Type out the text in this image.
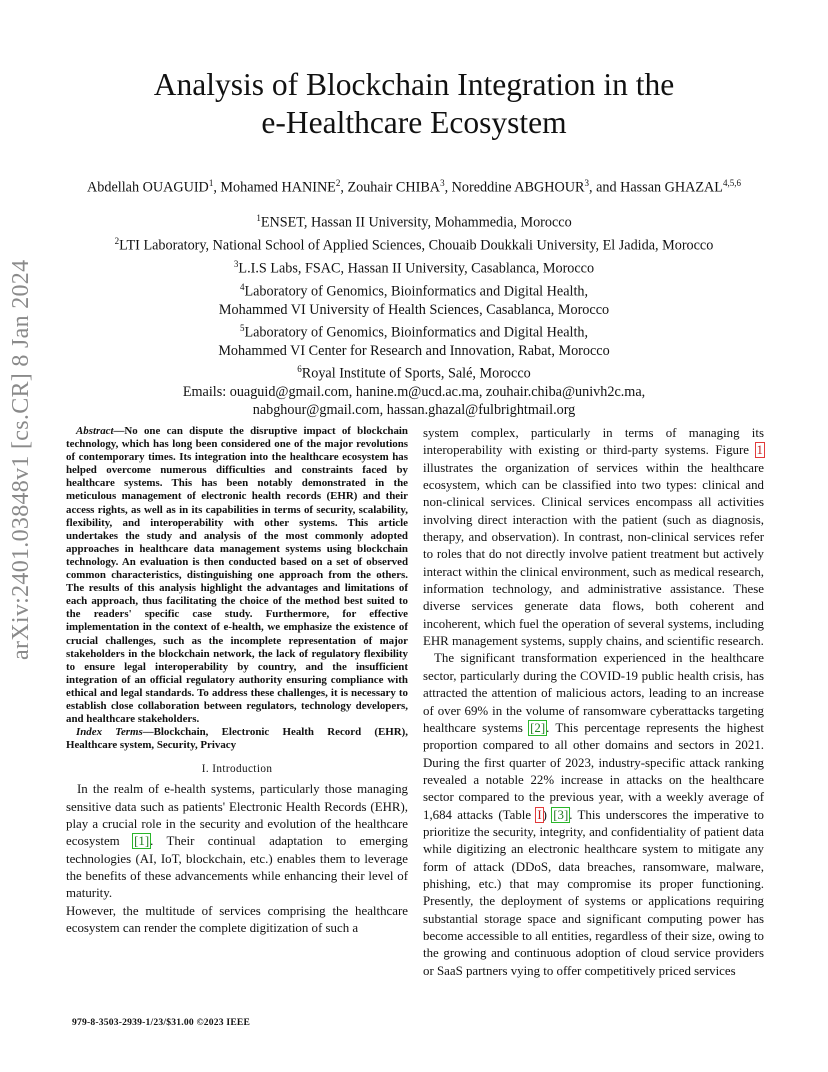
arXiv:2401.03848v1 [cs.CR] 8 Jan 2024
Analysis of Blockchain Integration in the
e-Healthcare Ecosystem
Abdellah OUAGUID$^1$, Mohamed HANINE$^2$, Zouhair CHIBA$^3$, Noreddine ABGHOUR$^3$, and Hassan GHAZAL$^{4,5,6}$
$^1$ENSET, Hassan II University, Mohammedia, Morocco
$^2$LTI Laboratory, National School of Applied Sciences, Chouaib Doukkali University, El Jadida, Morocco
$^3$L.I.S Labs, FSAC, Hassan II University, Casablanca, Morocco
$^4$Laboratory of Genomics, Bioinformatics and Digital Health,
Mohammed VI University of Health Sciences, Casablanca, Morocco
$^5$Laboratory of Genomics, Bioinformatics and Digital Health,
Mohammed VI Center for Research and Innovation, Rabat, Morocco
$^6$Royal Institute of Sports, Salé, Morocco
Emails: ouaguid@gmail.com, hanine.m@ucd.ac.ma, zouhair.chiba@univh2c.ma,
nabghour@gmail.com, hassan.ghazal@fulbrightmail.org
Abstract—No one can dispute the disruptive impact of blockchain technology, which has long been considered one of the major revolutions of contemporary times. Its integration into the healthcare ecosystem has helped overcome numerous difficulties and constraints faced by healthcare systems. This has been notably demonstrated in the meticulous management of electronic health records (EHR) and their access rights, as well as in its capabilities in terms of security, scalability, flexibility, and interoperability with other systems. This article undertakes the study and analysis of the most commonly adopted approaches in healthcare data management systems using blockchain technology. An evaluation is then conducted based on a set of observed common characteristics, distinguishing one approach from the others. The results of this analysis highlight the advantages and limitations of each approach, thus facilitating the choice of the method best suited to the readers' specific case study. Furthermore, for effective implementation in the context of e-health, we emphasize the existence of crucial challenges, such as the incomplete representation of major stakeholders in the blockchain network, the lack of regulatory flexibility to ensure legal interoperability by country, and the insufficient integration of an official regulatory authority ensuring compliance with ethical and legal standards. To address these challenges, it is necessary to establish close collaboration between regulators, technology developers, and healthcare stakeholders.
Index Terms—Blockchain, Electronic Health Record (EHR), Healthcare system, Security, Privacy
I. Introduction

In the realm of e-health systems, particularly those managing sensitive data such as patients' Electronic Health Records (EHR), play a crucial role in the security and evolution of the healthcare ecosystem [1]. Their continual adaptation to emerging technologies (AI, IoT, blockchain, etc.) enables them to leverage the benefits of these advancements while enhancing their level of maturity.

However, the multitude of services comprising the healthcare ecosystem can render the complete digitization of such a

system complex, particularly in terms of managing its interoperability with existing or third-party systems. Figure 1 illustrates the organization of services within the healthcare ecosystem, which can be classified into two types: clinical and non-clinical services. Clinical services encompass all activities involving direct interaction with the patient (such as diagnosis, therapy, and observation). In contrast, non-clinical services refer to roles that do not directly involve patient treatment but actively interact within the clinical environment, such as medical research, information technology, and administrative assistance. These diverse services generate data flows, both coherent and incoherent, which fuel the operation of several systems, including EHR management systems, supply chains, and scientific research.

The significant transformation experienced in the healthcare sector, particularly during the COVID-19 public health crisis, has attracted the attention of malicious actors, leading to an increase of over 69% in the volume of ransomware cyberattacks targeting healthcare systems [2]. This percentage represents the highest proportion compared to all other domains and sectors in 2021. During the first quarter of 2023, industry-specific attack ranking revealed a notable 22% increase in attacks on the healthcare sector compared to the previous year, with a weekly average of 1,684 attacks (Table I) [3]. This underscores the imperative to prioritize the security, integrity, and confidentiality of patient data while digitizing an electronic healthcare system to mitigate any form of attack (DDoS, data breaches, ransomware, malware, phishing, etc.) that may compromise its proper functioning. Presently, the deployment of systems or applications requiring substantial storage space and significant computing power has become accessible to all entities, regardless of their size, owing to the growing and continuous adoption of cloud service providers or SaaS partners vying to offer competitively priced services

979-8-3503-2939-1/23/$31.00 ©2023 IEEE
